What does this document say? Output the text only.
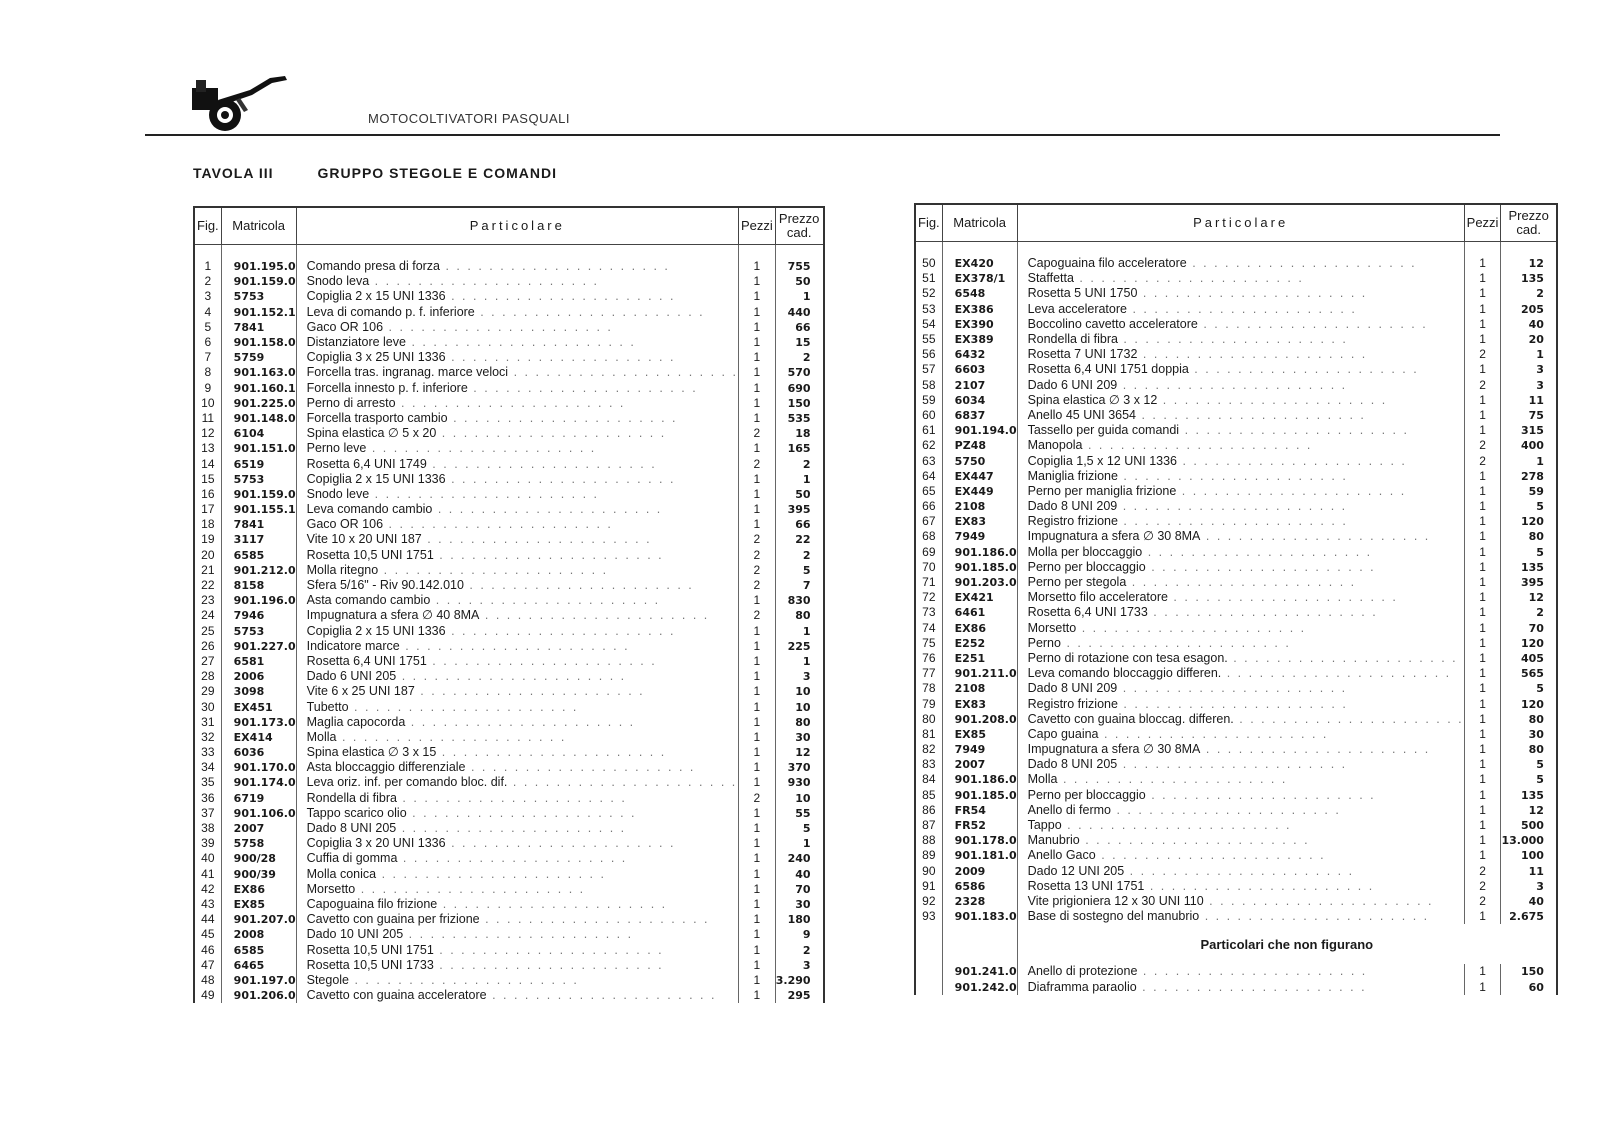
MOTOCOLTIVATORI PASQUALI
TAVOLA III	GRUPPO STEGOLE E COMANDI
Fig.	Matricola	Particolare	Pezzi	Prezzo cad.

1	901.195.0	Comando presa di forza . . . . . . . . . . . . . . . . . . . . .	1	755
2	901.159.0	Snodo leva . . . . . . . . . . . . . . . . . . . . .	1	50
3	5753	Copiglia 2 x 15 UNI 1336 . . . . . . . . . . . . . . . . . . . . .	1	1
4	901.152.1	Leva di comando p. f. inferiore . . . . . . . . . . . . . . . . . . . . .	1	440
5	7841	Gaco OR 106 . . . . . . . . . . . . . . . . . . . . .	1	66
6	901.158.0	Distanziatore leve . . . . . . . . . . . . . . . . . . . . .	1	15
7	5759	Copiglia 3 x 25 UNI 1336 . . . . . . . . . . . . . . . . . . . . .	1	2
8	901.163.0	Forcella tras. ingranag. marce veloci . . . . . . . . . . . . . . . . . . . . .	1	570
9	901.160.1	Forcella innesto p. f. inferiore . . . . . . . . . . . . . . . . . . . . .	1	690
10	901.225.0	Perno di arresto . . . . . . . . . . . . . . . . . . . . .	1	150
11	901.148.0	Forcella trasporto cambio . . . . . . . . . . . . . . . . . . . . .	1	535
12	6104	Spina elastica ∅ 5 x 20 . . . . . . . . . . . . . . . . . . . . .	2	18
13	901.151.0	Perno leve . . . . . . . . . . . . . . . . . . . . .	1	165
14	6519	Rosetta 6,4 UNI 1749 . . . . . . . . . . . . . . . . . . . . .	2	2
15	5753	Copiglia 2 x 15 UNI 1336 . . . . . . . . . . . . . . . . . . . . .	1	1
16	901.159.0	Snodo leve . . . . . . . . . . . . . . . . . . . . .	1	50
17	901.155.1	Leva comando cambio . . . . . . . . . . . . . . . . . . . . .	1	395
18	7841	Gaco OR 106 . . . . . . . . . . . . . . . . . . . . .	1	66
19	3117	Vite 10 x 20 UNI 187 . . . . . . . . . . . . . . . . . . . . .	2	22
20	6585	Rosetta 10,5 UNI 1751 . . . . . . . . . . . . . . . . . . . . .	2	2
21	901.212.0	Molla ritegno . . . . . . . . . . . . . . . . . . . . .	2	5
22	8158	Sfera 5/16" - Riv 90.142.010 . . . . . . . . . . . . . . . . . . . . .	2	7
23	901.196.0	Asta comando cambio . . . . . . . . . . . . . . . . . . . . .	1	830
24	7946	Impugnatura a sfera ∅ 40 8MA . . . . . . . . . . . . . . . . . . . . .	2	80
25	5753	Copiglia 2 x 15 UNI 1336 . . . . . . . . . . . . . . . . . . . . .	1	1
26	901.227.0	Indicatore marce . . . . . . . . . . . . . . . . . . . . .	1	225
27	6581	Rosetta 6,4 UNI 1751 . . . . . . . . . . . . . . . . . . . . .	1	1
28	2006	Dado 6 UNI 205 . . . . . . . . . . . . . . . . . . . . .	1	3
29	3098	Vite 6 x 25 UNI 187 . . . . . . . . . . . . . . . . . . . . .	1	10
30	EX451	Tubetto . . . . . . . . . . . . . . . . . . . . .	1	10
31	901.173.0	Maglia capocorda . . . . . . . . . . . . . . . . . . . . .	1	80
32	EX414	Molla . . . . . . . . . . . . . . . . . . . . .	1	30
33	6036	Spina elastica ∅ 3 x 15 . . . . . . . . . . . . . . . . . . . . .	1	12
34	901.170.0	Asta bloccaggio differenziale . . . . . . . . . . . . . . . . . . . . .	1	370
35	901.174.0	Leva oriz. inf. per comando bloc. dif. . . . . . . . . . . . . . . . . . . . . .	1	930
36	6719	Rondella di fibra . . . . . . . . . . . . . . . . . . . . .	2	10
37	901.106.0	Tappo scarico olio . . . . . . . . . . . . . . . . . . . . .	1	55
38	2007	Dado 8 UNI 205 . . . . . . . . . . . . . . . . . . . . .	1	5
39	5758	Copiglia 3 x 20 UNI 1336 . . . . . . . . . . . . . . . . . . . . .	1	1
40	900/28	Cuffia di gomma . . . . . . . . . . . . . . . . . . . . .	1	240
41	900/39	Molla conica . . . . . . . . . . . . . . . . . . . . .	1	40
42	EX86	Morsetto . . . . . . . . . . . . . . . . . . . . .	1	70
43	EX85	Capoguaina filo frizione . . . . . . . . . . . . . . . . . . . . .	1	30
44	901.207.0	Cavetto con guaina per frizione . . . . . . . . . . . . . . . . . . . . .	1	180
45	2008	Dado 10 UNI 205 . . . . . . . . . . . . . . . . . . . . .	1	9
46	6585	Rosetta 10,5 UNI 1751 . . . . . . . . . . . . . . . . . . . . .	1	2
47	6465	Rosetta 10,5 UNI 1733 . . . . . . . . . . . . . . . . . . . . .	1	3
48	901.197.0	Stegole . . . . . . . . . . . . . . . . . . . . .	1	3.290
49	901.206.0	Cavetto con guaina acceleratore . . . . . . . . . . . . . . . . . . . . .	1	295
Fig.	Matricola	Particolare	Pezzi	Prezzo cad.

50	EX420	Capoguaina filo acceleratore . . . . . . . . . . . . . . . . . . . . .	1	12
51	EX378/1	Staffetta . . . . . . . . . . . . . . . . . . . . .	1	135
52	6548	Rosetta 5 UNI 1750 . . . . . . . . . . . . . . . . . . . . .	1	2
53	EX386	Leva acceleratore . . . . . . . . . . . . . . . . . . . . .	1	205
54	EX390	Boccolino cavetto acceleratore . . . . . . . . . . . . . . . . . . . . .	1	40
55	EX389	Rondella di fibra . . . . . . . . . . . . . . . . . . . . .	1	20
56	6432	Rosetta 7 UNI 1732 . . . . . . . . . . . . . . . . . . . . .	2	1
57	6603	Rosetta 6,4 UNI 1751 doppia . . . . . . . . . . . . . . . . . . . . .	1	3
58	2107	Dado 6 UNI 209 . . . . . . . . . . . . . . . . . . . . .	2	3
59	6034	Spina elastica ∅ 3 x 12 . . . . . . . . . . . . . . . . . . . . .	1	11
60	6837	Anello 45 UNI 3654 . . . . . . . . . . . . . . . . . . . . .	1	75
61	901.194.0	Tassello per guida comandi . . . . . . . . . . . . . . . . . . . . .	1	315
62	PZ48	Manopola . . . . . . . . . . . . . . . . . . . . .	2	400
63	5750	Copiglia 1,5 x 12 UNI 1336 . . . . . . . . . . . . . . . . . . . . .	2	1
64	EX447	Maniglia frizione . . . . . . . . . . . . . . . . . . . . .	1	278
65	EX449	Perno per maniglia frizione . . . . . . . . . . . . . . . . . . . . .	1	59
66	2108	Dado 8 UNI 209 . . . . . . . . . . . . . . . . . . . . .	1	5
67	EX83	Registro frizione . . . . . . . . . . . . . . . . . . . . .	1	120
68	7949	Impugnatura a sfera ∅ 30 8MA . . . . . . . . . . . . . . . . . . . . .	1	80
69	901.186.0	Molla per bloccaggio . . . . . . . . . . . . . . . . . . . . .	1	5
70	901.185.0	Perno per bloccaggio . . . . . . . . . . . . . . . . . . . . .	1	135
71	901.203.0	Perno per stegola . . . . . . . . . . . . . . . . . . . . .	1	395
72	EX421	Morsetto filo acceleratore . . . . . . . . . . . . . . . . . . . . .	1	12
73	6461	Rosetta 6,4 UNI 1733 . . . . . . . . . . . . . . . . . . . . .	1	2
74	EX86	Morsetto . . . . . . . . . . . . . . . . . . . . .	1	70
75	E252	Perno . . . . . . . . . . . . . . . . . . . . .	1	120
76	E251	Perno di rotazione con tesa esagon. . . . . . . . . . . . . . . . . . . . . .	1	405
77	901.211.0	Leva comando bloccaggio differen. . . . . . . . . . . . . . . . . . . . . .	1	565
78	2108	Dado 8 UNI 209 . . . . . . . . . . . . . . . . . . . . .	1	5
79	EX83	Registro frizione . . . . . . . . . . . . . . . . . . . . .	1	120
80	901.208.0	Cavetto con guaina bloccag. differen. . . . . . . . . . . . . . . . . . . . . .	1	80
81	EX85	Capo guaina . . . . . . . . . . . . . . . . . . . . .	1	30
82	7949	Impugnatura a sfera ∅ 30 8MA . . . . . . . . . . . . . . . . . . . . .	1	80
83	2007	Dado 8 UNI 205 . . . . . . . . . . . . . . . . . . . . .	1	5
84	901.186.0	Molla . . . . . . . . . . . . . . . . . . . . .	1	5
85	901.185.0	Perno per bloccaggio . . . . . . . . . . . . . . . . . . . . .	1	135
86	FR54	Anello di fermo . . . . . . . . . . . . . . . . . . . . .	1	12
87	FR52	Tappo . . . . . . . . . . . . . . . . . . . . .	1	500
88	901.178.0	Manubrio . . . . . . . . . . . . . . . . . . . . .	1	13.000
89	901.181.0	Anello Gaco . . . . . . . . . . . . . . . . . . . . .	1	100
90	2009	Dado 12 UNI 205 . . . . . . . . . . . . . . . . . . . . .	2	11
91	6586	Rosetta 13 UNI 1751 . . . . . . . . . . . . . . . . . . . . .	2	3
92	2328	Vite prigioniera 12 x 30 UNI 110 . . . . . . . . . . . . . . . . . . . . .	2	40
93	901.183.0	Base di sostegno del manubrio . . . . . . . . . . . . . . . . . . . . .	1	2.675
		Particolari che non figurano		
	901.241.0	Anello di protezione . . . . . . . . . . . . . . . . . . . . .	1	150
	901.242.0	Diaframma paraolio . . . . . . . . . . . . . . . . . . . . .	1	60
